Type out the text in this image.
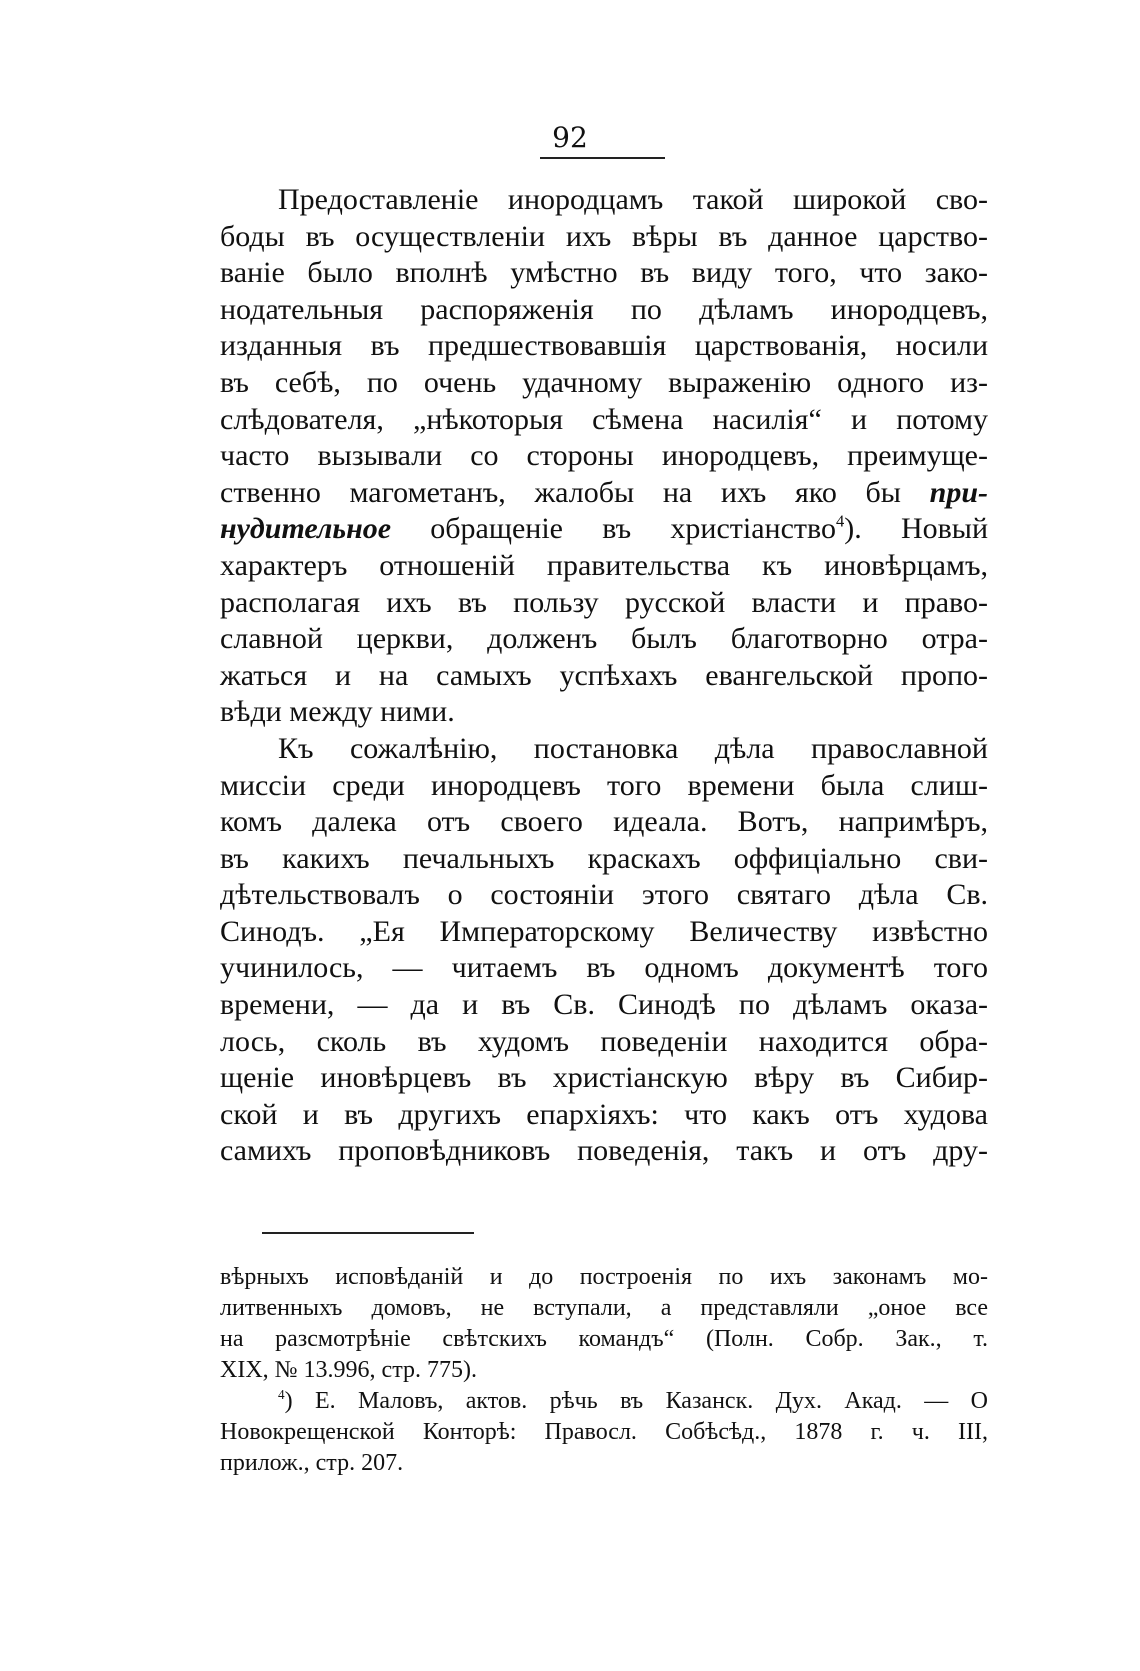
92
Предоставленіе инородцамъ такой широкой сво-
боды въ осуществленіи ихъ вѣры въ данное царство-
ваніе было вполнѣ умѣстно въ виду того, что зако-
нодательныя распоряженія по дѣламъ инородцевъ,
изданныя въ предшествовавшія царствованія, носили
въ себѣ, по очень удачному выраженію одного из-
слѣдователя, „нѣкоторыя сѣмена насилія“ и потому
часто вызывали со стороны инородцевъ, преимуще-
ственно магометанъ, жалобы на ихъ яко бы при-
нудительное обращеніе въ христіанство$^4$). Новый
характеръ отношеній правительства къ иновѣрцамъ,
располагая ихъ въ пользу русской власти и право-
славной церкви, долженъ былъ благотворно отра-
жаться и на самыхъ успѣхахъ евангельской пропо-
вѣди между ними.
Къ сожалѣнію, постановка дѣла православной
миссіи среди инородцевъ того времени была слиш-
комъ далека отъ своего идеала. Вотъ, напримѣръ,
въ какихъ печальныхъ краскахъ оффиціально сви-
дѣтельствовалъ о состояніи этого святаго дѣла Св.
Синодъ. „Ея Императорскому Величеству извѣстно
учинилось, — читаемъ въ одномъ документѣ того
времени, — да и въ Св. Синодѣ по дѣламъ оказа-
лось, сколь въ худомъ поведеніи находится обра-
щеніе иновѣрцевъ въ христіанскую вѣру въ Сибир-
ской и въ другихъ епархіяхъ: что какъ отъ худова
самихъ проповѣдниковъ поведенія, такъ и отъ дру-
вѣрныхъ исповѣданій и до построенія по ихъ законамъ мо-
литвенныхъ домовъ, не вступали, а представляли „оное все
на разсмотрѣніе свѣтскихъ командъ“ (Полн. Собр. Зак., т.
XIX, № 13.996, стр. 775).
$^4$) Е. Маловъ, актов. рѣчь въ Казанск. Дух. Акад. — О
Новокрещенской Конторѣ: Правосл. Собѣсѣд., 1878 г. ч. III,
прилож., стр. 207.
